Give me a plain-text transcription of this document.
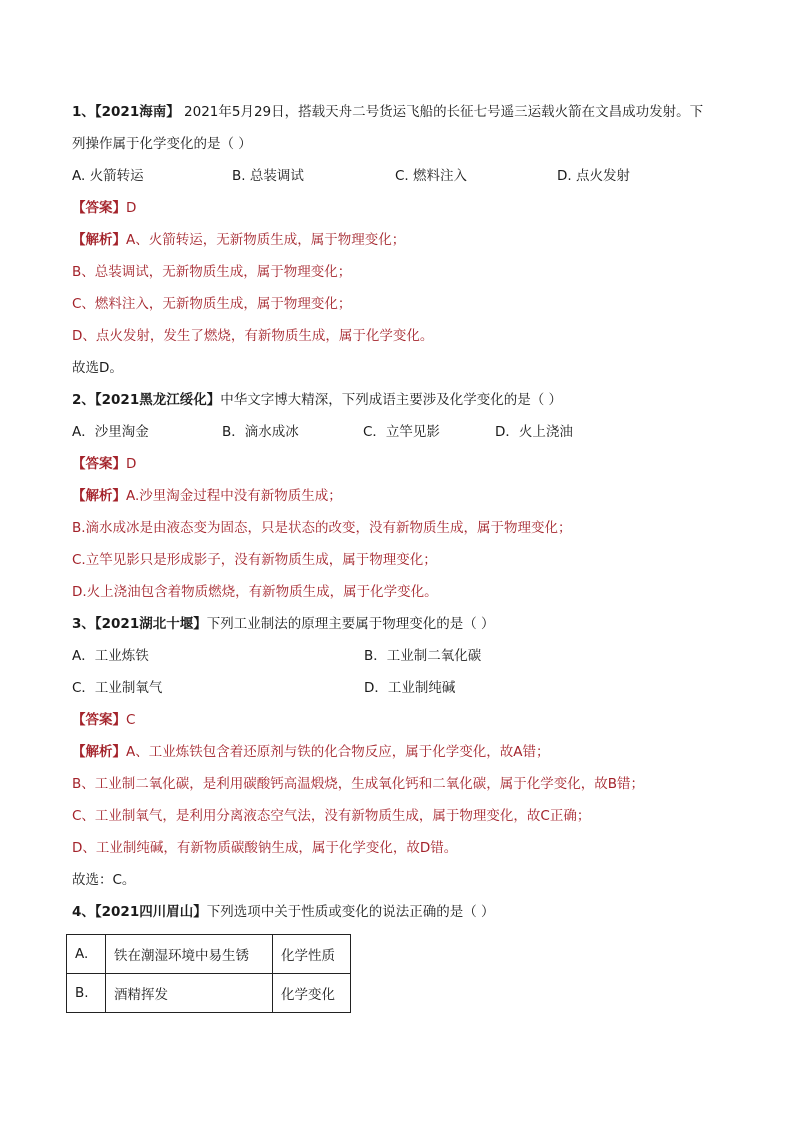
1、【2021海南】 2021年5月29日，搭载天舟二号货运飞船的长征七号遥三运载火箭在文昌成功发射。下
列操作属于化学变化的是（ ）
A. 火箭转运	B. 总装调试	C. 燃料注入	D. 点火发射
【答案】D
【解析】A、火箭转运，无新物质生成，属于物理变化；
B、总装调试，无新物质生成，属于物理变化；
C、燃料注入，无新物质生成，属于物理变化；
D、点火发射，发生了燃烧，有新物质生成，属于化学变化。
故选D。
2、【2021黑龙江绥化】中华文字博大精深，下列成语主要涉及化学变化的是（ ）
A．沙里淘金	B．滴水成冰	C．立竿见影	D．火上浇油
【答案】D
【解析】A.沙里淘金过程中没有新物质生成；
B.滴水成冰是由液态变为固态，只是状态的改变，没有新物质生成，属于物理变化；
C.立竿见影只是形成影子，没有新物质生成，属于物理变化；
D.火上浇油包含着物质燃烧，有新物质生成，属于化学变化。
3、【2021湖北十堰】下列工业制法的原理主要属于物理变化的是（ ）
A．工业炼铁	B．工业制二氧化碳
C．工业制氧气	D．工业制纯碱
【答案】C
【解析】A、工业炼铁包含着还原剂与铁的化合物反应，属于化学变化，故A错；
B、工业制二氧化碳，是利用碳酸钙高温煅烧，生成氧化钙和二氧化碳，属于化学变化，故B错；
C、工业制氧气，是利用分离液态空气法，没有新物质生成，属于物理变化，故C正确；
D、工业制纯碱，有新物质碳酸钠生成，属于化学变化，故D错。
故选：C。
4、【2021四川眉山】下列选项中关于性质或变化的说法正确的是（ ）
A.	铁在潮湿环境中易生锈	化学性质
B.	酒精挥发	化学变化
